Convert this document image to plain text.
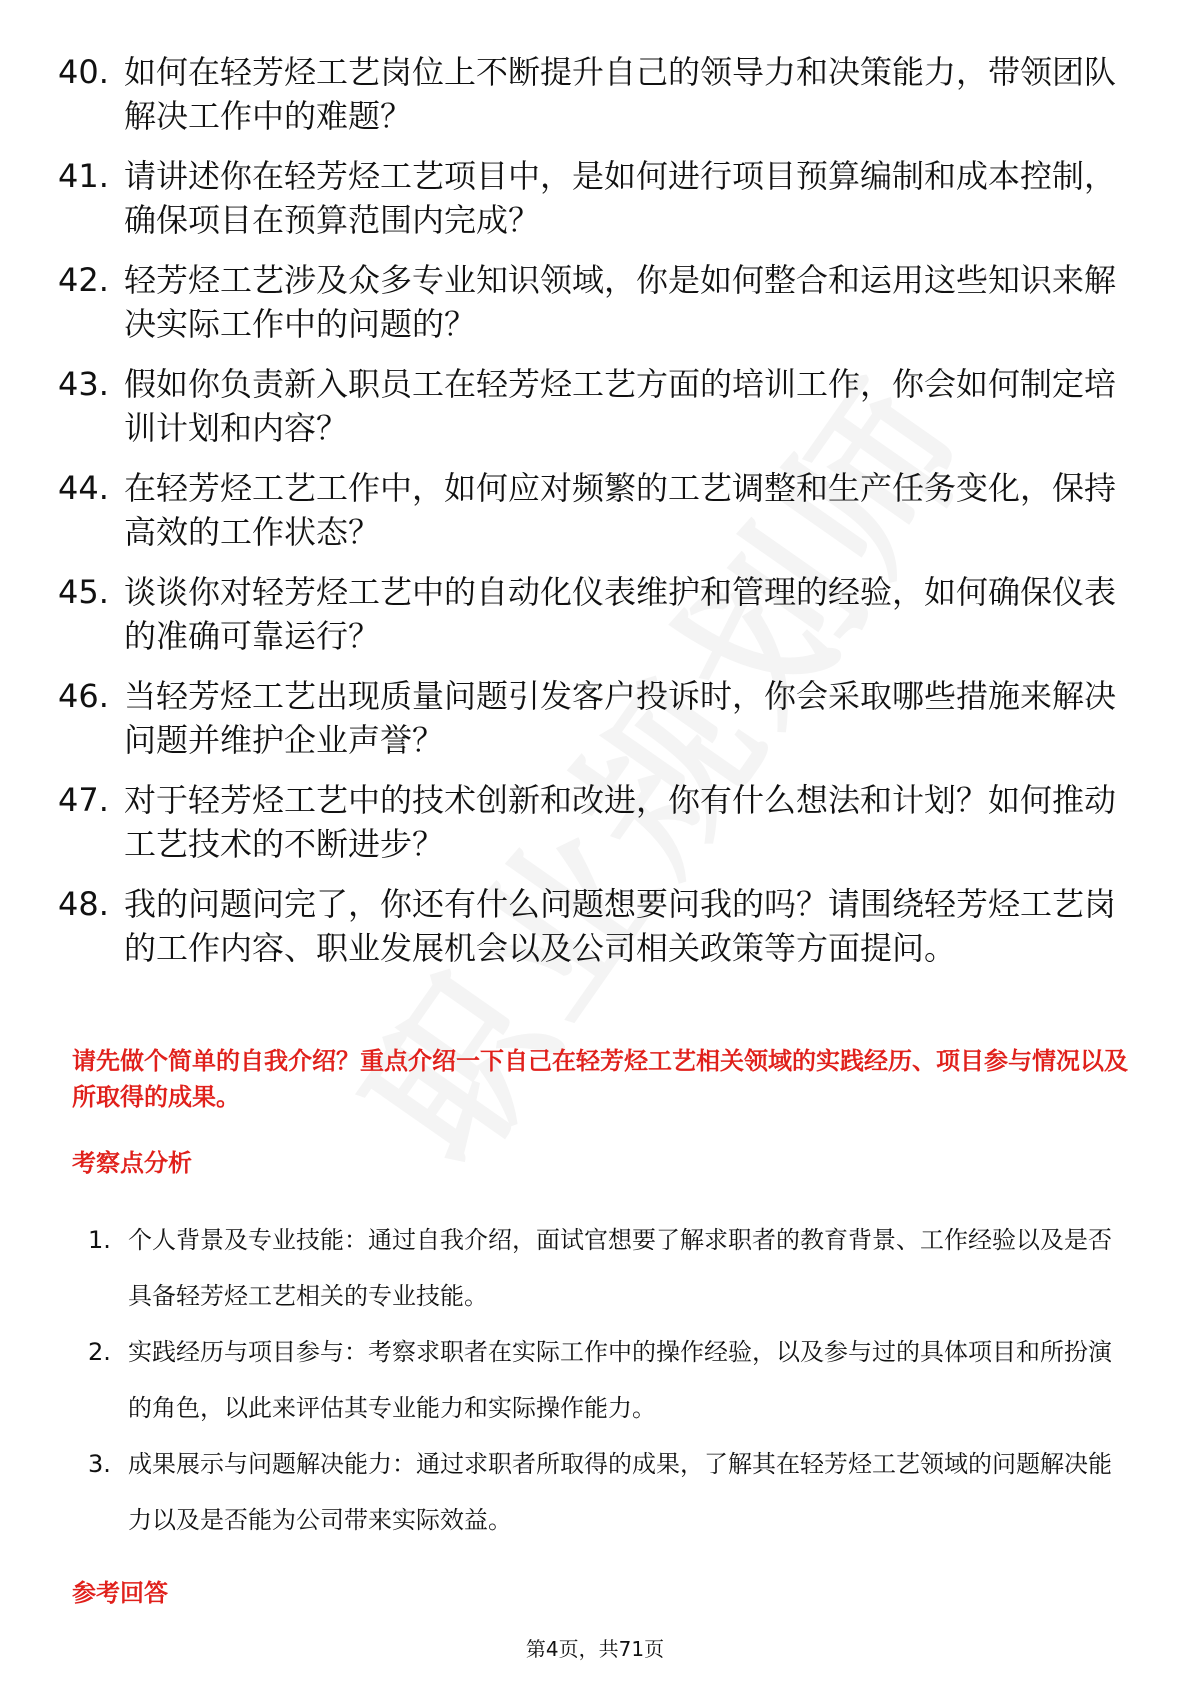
40. 如何在轻芳烃工艺岗位上不断提升自己的领导力和决策能力，带领团队解决工作中的难题？
41. 请讲述你在轻芳烃工艺项目中，是如何进行项目预算编制和成本控制，确保项目在预算范围内完成？
42. 轻芳烃工艺涉及众多专业知识领域，你是如何整合和运用这些知识来解决实际工作中的问题的？
43. 假如你负责新入职员工在轻芳烃工艺方面的培训工作，你会如何制定培训计划和内容？
44. 在轻芳烃工艺工作中，如何应对频繁的工艺调整和生产任务变化，保持高效的工作状态？
45. 谈谈你对轻芳烃工艺中的自动化仪表维护和管理的经验，如何确保仪表的准确可靠运行？
46. 当轻芳烃工艺出现质量问题引发客户投诉时，你会采取哪些措施来解决问题并维护企业声誉？
47. 对于轻芳烃工艺中的技术创新和改进，你有什么想法和计划？如何推动工艺技术的不断进步？
48. 我的问题问完了，你还有什么问题想要问我的吗？请围绕轻芳烃工艺岗的工作内容、职业发展机会以及公司相关政策等方面提问。
请先做个简单的自我介绍？重点介绍一下自己在轻芳烃工艺相关领域的实践经历、项目参与情况以及所取得的成果。
考察点分析
1. 个人背景及专业技能：通过自我介绍，面试官想要了解求职者的教育背景、工作经验以及是否具备轻芳烃工艺相关的专业技能。
2. 实践经历与项目参与：考察求职者在实际工作中的操作经验，以及参与过的具体项目和所扮演的角色，以此来评估其专业能力和实际操作能力。
3. 成果展示与问题解决能力：通过求职者所取得的成果，了解其在轻芳烃工艺领域的问题解决能力以及是否能为公司带来实际效益。
参考回答
第4页，共71页
